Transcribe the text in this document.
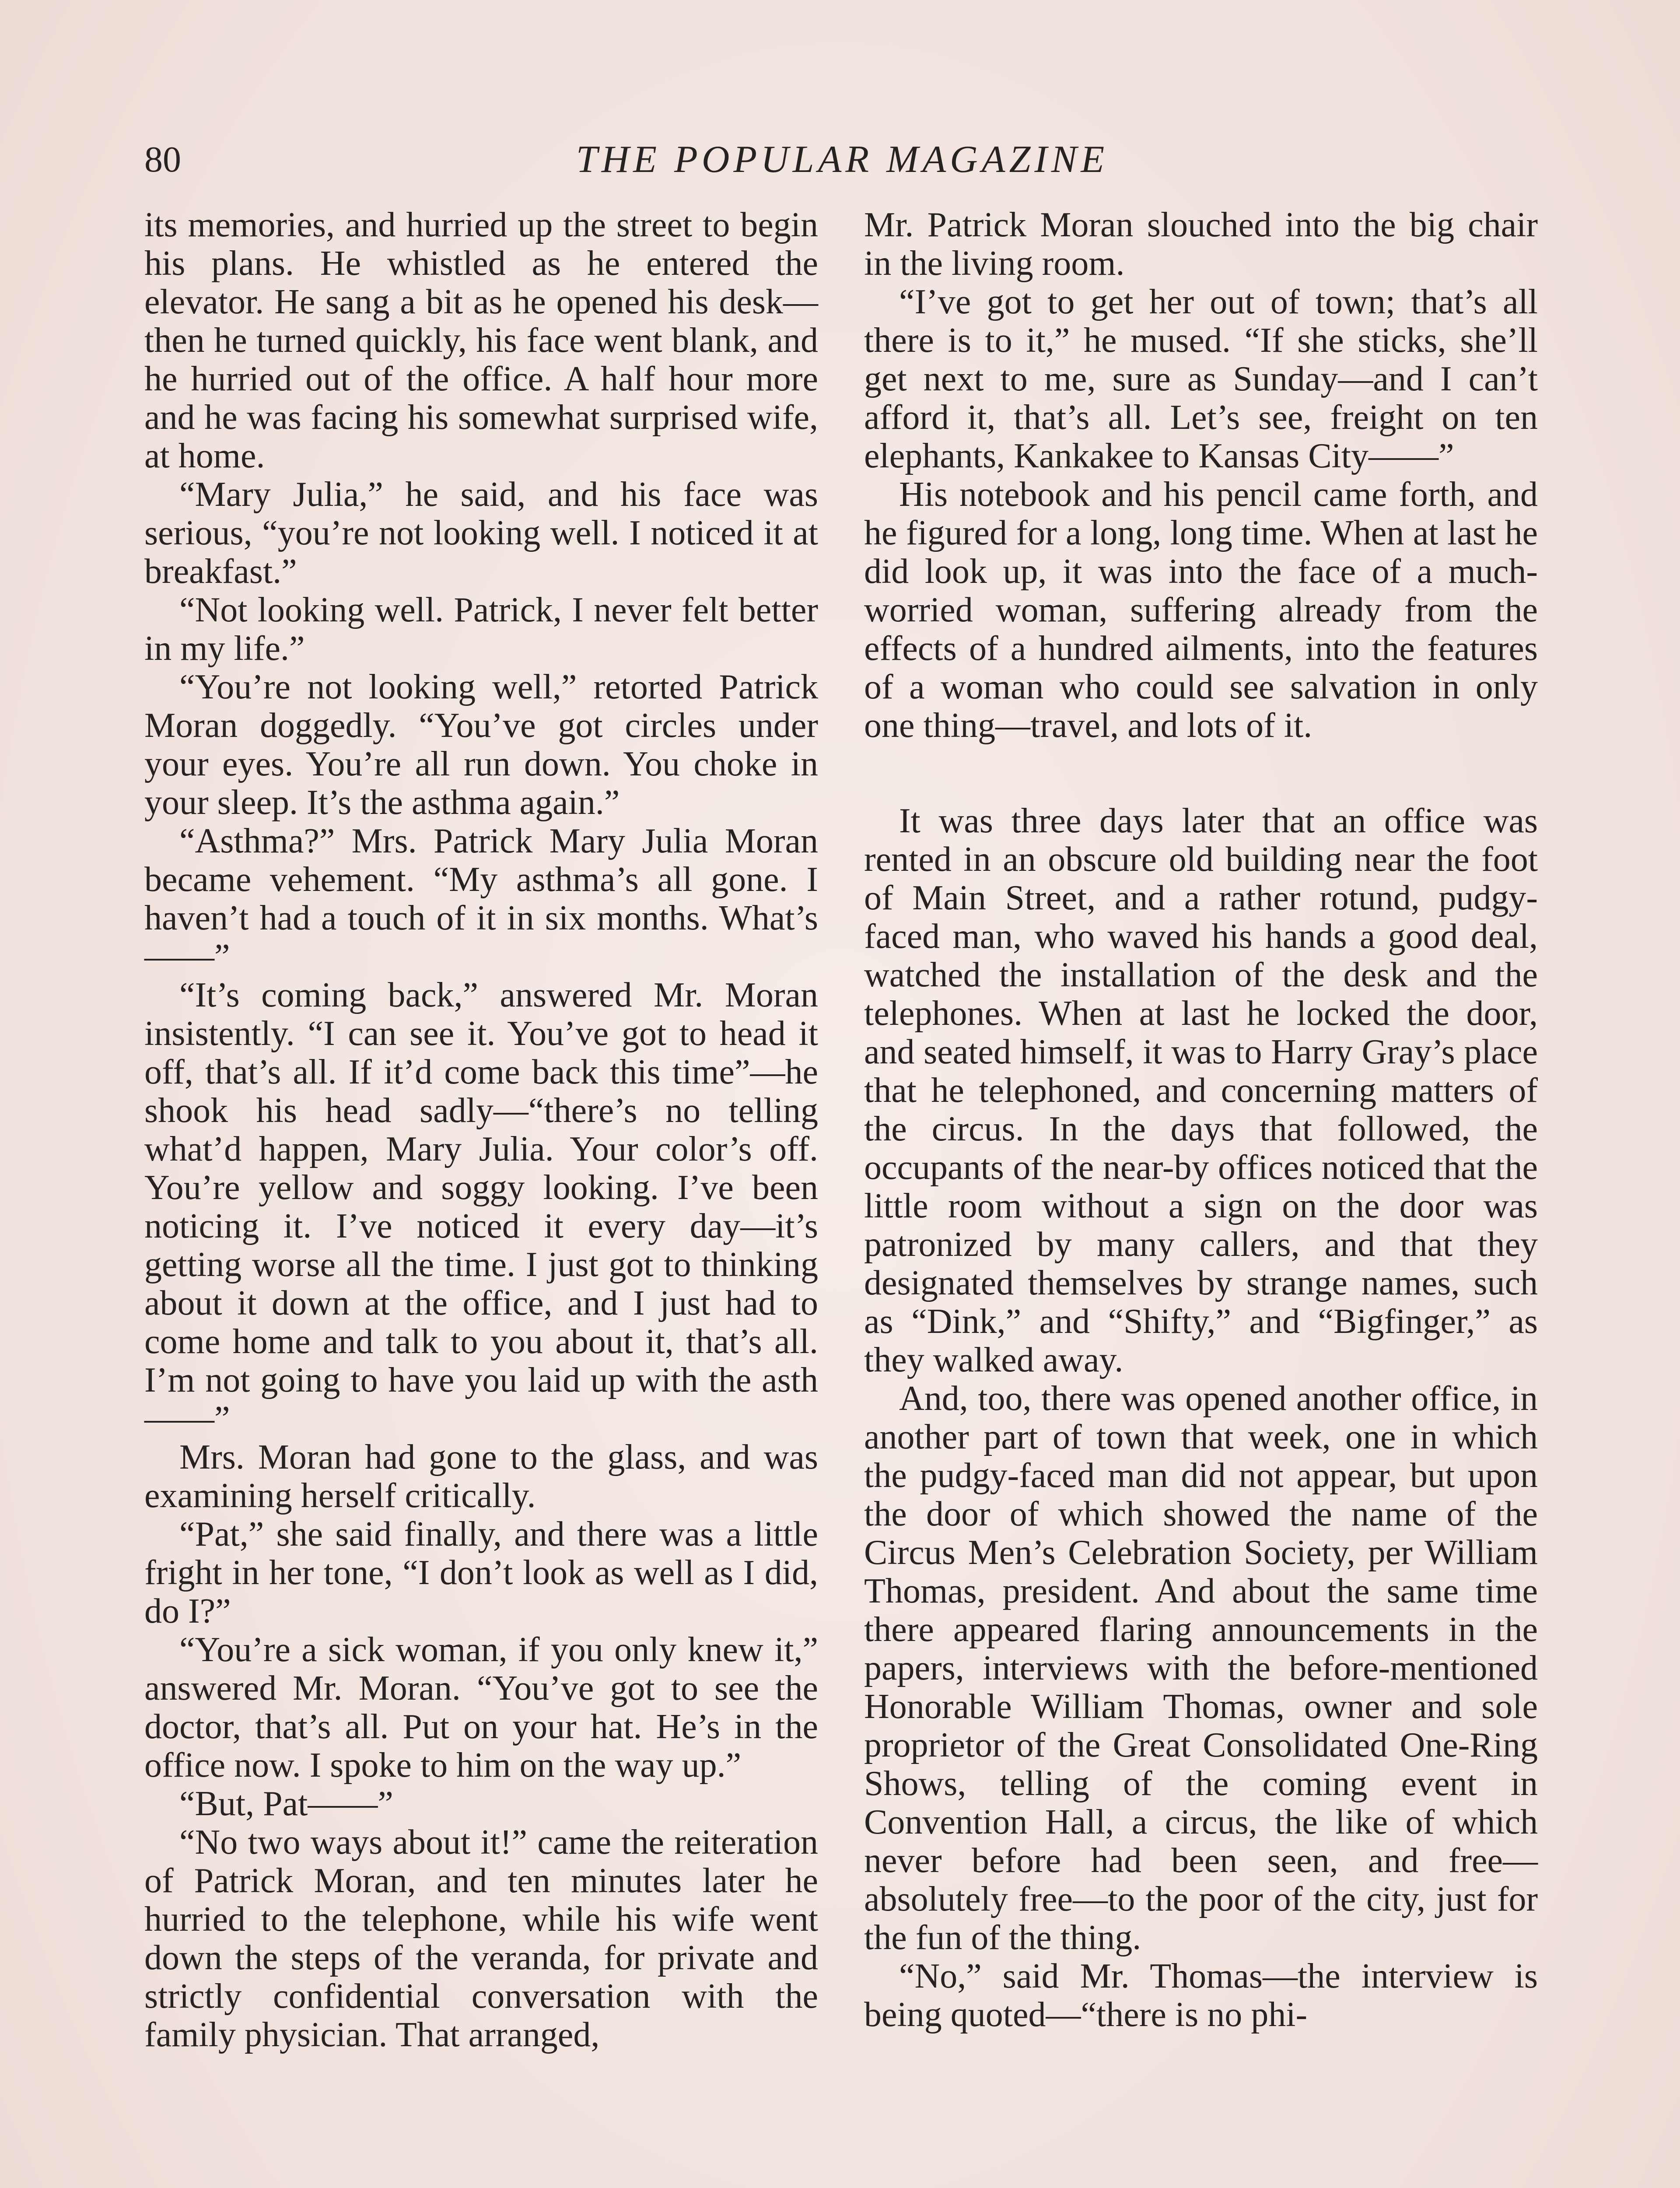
80	THE POPULAR MAGAZINE

its memories, and hurried up the street to begin his plans. He whistled as he entered the elevator. He sang a bit as he opened his desk—then he turned quickly, his face went blank, and he hurried out of the office. A half hour more and he was facing his somewhat surprised wife, at home.

“Mary Julia,” he said, and his face was serious, “you’re not looking well. I noticed it at breakfast.”

“Not looking well. Patrick, I never felt better in my life.”

“You’re not looking well,” retorted Patrick Moran doggedly. “You’ve got circles under your eyes. You’re all run down. You choke in your sleep. It’s the asthma again.”

“Asthma?” Mrs. Patrick Mary Julia Moran became vehement. “My asthma’s all gone. I haven’t had a touch of it in six months. What’s——”

“It’s coming back,” answered Mr. Moran insistently. “I can see it. You’ve got to head it off, that’s all. If it’d come back this time”—he shook his head sadly—“there’s no telling what’d happen, Mary Julia. Your color’s off. You’re yellow and soggy looking. I’ve been noticing it. I’ve noticed it every day—it’s getting worse all the time. I just got to thinking about it down at the office, and I just had to come home and talk to you about it, that’s all. I’m not going to have you laid up with the asth——”

Mrs. Moran had gone to the glass, and was examining herself critically.

“Pat,” she said finally, and there was a little fright in her tone, “I don’t look as well as I did, do I?”

“You’re a sick woman, if you only knew it,” answered Mr. Moran. “You’ve got to see the doctor, that’s all. Put on your hat. He’s in the office now. I spoke to him on the way up.”

“But, Pat——”

“No two ways about it!” came the reiteration of Patrick Moran, and ten minutes later he hurried to the telephone, while his wife went down the steps of the veranda, for private and strictly confidential conversation with the family physician. That arranged,

Mr. Patrick Moran slouched into the big chair in the living room.

“I’ve got to get her out of town; that’s all there is to it,” he mused. “If she sticks, she’ll get next to me, sure as Sunday—and I can’t afford it, that’s all. Let’s see, freight on ten elephants, Kankakee to Kansas City——”

His notebook and his pencil came forth, and he figured for a long, long time. When at last he did look up, it was into the face of a much-worried woman, suffering already from the effects of a hundred ailments, into the features of a woman who could see salvation in only one thing—travel, and lots of it.

It was three days later that an office was rented in an obscure old building near the foot of Main Street, and a rather rotund, pudgy-faced man, who waved his hands a good deal, watched the installation of the desk and the telephones. When at last he locked the door, and seated himself, it was to Harry Gray’s place that he telephoned, and concerning matters of the circus. In the days that followed, the occupants of the near-by offices noticed that the little room without a sign on the door was patronized by many callers, and that they designated themselves by strange names, such as “Dink,” and “Shifty,” and “Bigfinger,” as they walked away.

And, too, there was opened another office, in another part of town that week, one in which the pudgy-faced man did not appear, but upon the door of which showed the name of the Circus Men’s Celebration Society, per William Thomas, president. And about the same time there appeared flaring announcements in the papers, interviews with the before-mentioned Honorable William Thomas, owner and sole proprietor of the Great Consolidated One-Ring Shows, telling of the coming event in Convention Hall, a circus, the like of which never before had been seen, and free—absolutely free—to the poor of the city, just for the fun of the thing.

“No,” said Mr. Thomas—the interview is being quoted—“there is no phi-
